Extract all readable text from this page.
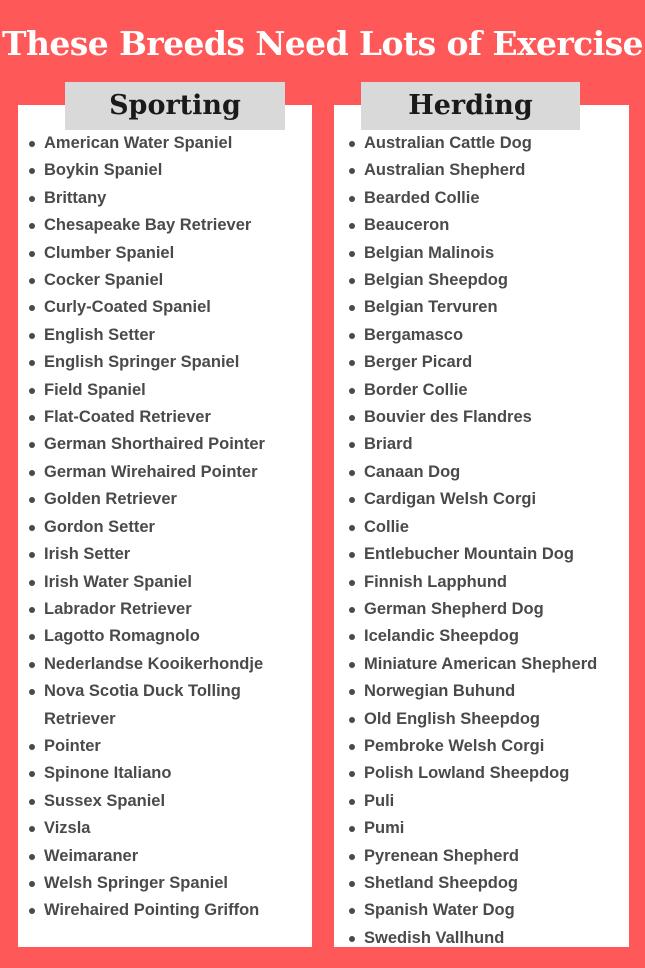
These Breeds Need Lots of Exercise
Sporting	Herding
American Water Spaniel
Boykin Spaniel
Brittany
Chesapeake Bay Retriever
Clumber Spaniel
Cocker Spaniel
Curly-Coated Spaniel
English Setter
English Springer Spaniel
Field Spaniel
Flat-Coated Retriever
German Shorthaired Pointer
German Wirehaired Pointer
Golden Retriever
Gordon Setter
Irish Setter
Irish Water Spaniel
Labrador Retriever
Lagotto Romagnolo
Nederlandse Kooikerhondje
Nova Scotia Duck Tolling Retriever
Pointer
Spinone Italiano
Sussex Spaniel
Vizsla
Weimaraner
Welsh Springer Spaniel
Wirehaired Pointing Griffon
Australian Cattle Dog
Australian Shepherd
Bearded Collie
Beauceron
Belgian Malinois
Belgian Sheepdog
Belgian Tervuren
Bergamasco
Berger Picard
Border Collie
Bouvier des Flandres
Briard
Canaan Dog
Cardigan Welsh Corgi
Collie
Entlebucher Mountain Dog
Finnish Lapphund
German Shepherd Dog
Icelandic Sheepdog
Miniature American Shepherd
Norwegian Buhund
Old English Sheepdog
Pembroke Welsh Corgi
Polish Lowland Sheepdog
Puli
Pumi
Pyrenean Shepherd
Shetland Sheepdog
Spanish Water Dog
Swedish Vallhund
